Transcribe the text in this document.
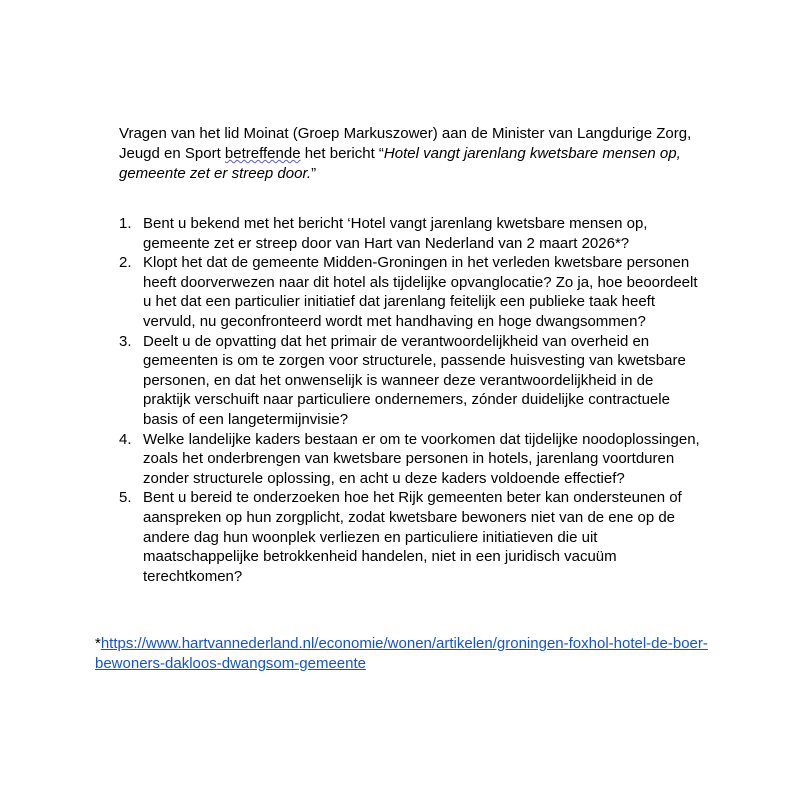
Vragen van het lid Moinat (Groep Markuszower) aan de Minister van Langdurige Zorg, Jeugd en Sport betreffende het bericht “Hotel vangt jarenlang kwetsbare mensen op, gemeente zet er streep door.”

1. Bent u bekend met het bericht ‘Hotel vangt jarenlang kwetsbare mensen op, gemeente zet er streep door van Hart van Nederland van 2 maart 2026*?
2. Klopt het dat de gemeente Midden-Groningen in het verleden kwetsbare personen heeft doorverwezen naar dit hotel als tijdelijke opvanglocatie? Zo ja, hoe beoordeelt u het dat een particulier initiatief dat jarenlang feitelijk een publieke taak heeft vervuld, nu geconfronteerd wordt met handhaving en hoge dwangsommen?
3. Deelt u de opvatting dat het primair de verantwoordelijkheid van overheid en gemeenten is om te zorgen voor structurele, passende huisvesting van kwetsbare personen, en dat het onwenselijk is wanneer deze verantwoordelijkheid in de praktijk verschuift naar particuliere ondernemers, zónder duidelijke contractuele basis of een langetermijnvisie?
4. Welke landelijke kaders bestaan er om te voorkomen dat tijdelijke noodoplossingen, zoals het onderbrengen van kwetsbare personen in hotels, jarenlang voortduren zonder structurele oplossing, en acht u deze kaders voldoende effectief?
5. Bent u bereid te onderzoeken hoe het Rijk gemeenten beter kan ondersteunen of aanspreken op hun zorgplicht, zodat kwetsbare bewoners niet van de ene op de andere dag hun woonplek verliezen en particuliere initiatieven die uit maatschappelijke betrokkenheid handelen, niet in een juridisch vacuüm terechtkomen?

*https://www.hartvannederland.nl/economie/wonen/artikelen/groningen-foxhol-hotel-de-boer-bewoners-dakloos-dwangsom-gemeente
